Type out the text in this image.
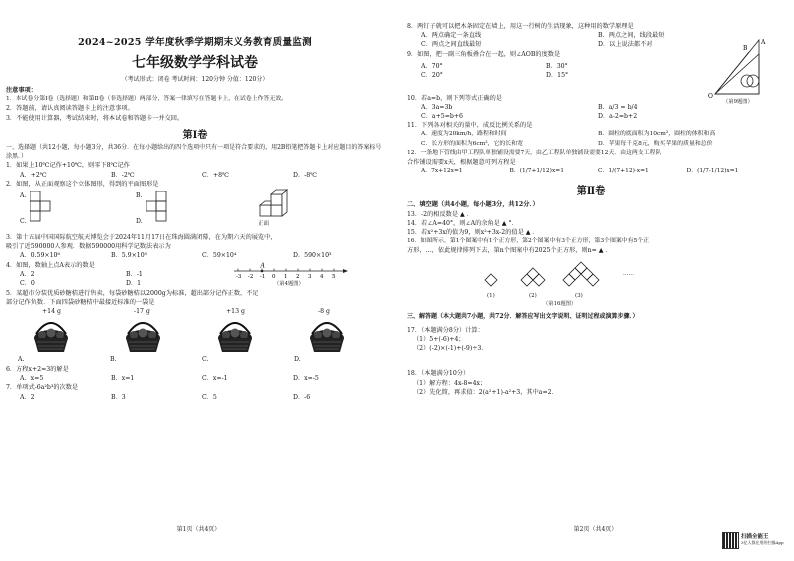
2024~2025 学年度秋季学期期末义务教育质量监测
七年级数学学科试卷
（考试形式：闭卷 考试时间：120分钟 分值：120分）
注意事项：
1．本试卷分第Ⅰ卷（选择题）和第Ⅱ卷（非选择题）两部分，答案一律填写在答题卡上，在试卷上作答无效。
2．答题前，请认真阅读答题卡上的注意事项。
3．不能使用计算器，考试结束时，将本试卷和答题卡一并交回。
第Ⅰ卷
一、选择题（共12小题，每小题3分，共36分．在每小题给出的四个选项中只有一项是符合要求的，用2B铅笔把答题卡上对应题目的答案标号涂黑．）
1．如果上10℃记作+10℃，则零下8℃记作
A．+2℃	B．-2℃	C．+8℃	D．-8℃
2．如图，从正面观察这个立体图形，得到的平面图形是
A.
C.
B.
D.	正面
3．第十五届中国国际航空航天博览会于2024年11月17日在珠海圆满闭幕，在为期六天的展览中，
吸引了近590000人参观．数据590000用科学记数法表示为
A．0.59×10⁶	B．5.9×10⁵	C．59×10⁴	D．590×10³
4．如图，数轴上点A表示的数是
A．2	B．-1
C．0	D．1
-3 -2 -1 0 1 2 3 4 5
A
（第4题图）
5．某超市分装优质砂糖桔进行售卖，每袋砂糖桔以2000g为标准，超出部分记作正数，不足
部分记作负数．下面四袋砂糖桔中最接近标准的一袋是
+14 g
A.
-17 g
B.
+13 g
C.
-8 g
D.
6．方程x+2=3的解是
A．x=5	B．x=1	C．x=-1	D．x=-5
7．单项式-6a²b³的次数是
A．2	B．3	C．5	D．-6
第1页（共4页）
8．两钉子就可以把木条固定在墙上，用这一行树的生活现象，这种用的数学原理是
A．两点确定一条直线	B．两点之间，线段最短
C．两点之间直线最短	D．以上说法都不对
9．如图，把一副三角板叠合在一起，则∠AOB的度数是
A．70°	B．30°
C．20°	D．15°
A
B
O
（第9题图）
10．若a=b，则下列等式正确的是
A．3a=3b	B．a/3 = b/4
C．a+5=b+6	D．a-2=b+2
11．下列各对相关的量中，成反比例关系的是
A．速度为20km/h，路程和时间	B．圆柱的底面积为10cm²，圆柱的体积和高
C．长方形的面积为6cm²，它的长和宽	D．苹果每千克8元，购买苹果的质量和总价
12．一条地下管线由甲工程队单独铺设需要7天，由乙工程队单独铺设需要12天．由这两支工程队
合作铺设需要x天，根据题意可列方程是
A．7x+12x=1	B．(1/7+1/12)x=1	C．1/(7+12)·x=1	D．(1/7-1/12)x=1
第Ⅱ卷
二、填空题（共4小题，每小题3分，共12分．）
13．-2的相反数是 ▲ ．
14．若∠A=40°，则∠A的余角是 ▲ °．
15．若x²+3x的值为9，则x²+3x-2的值是 ▲ ．
16．如图所示，第1个图案中有1个正方形，第2个图案中有3个正方形，第3个图案中有5个正
方形，…，依此规律排列下去，第n个图案中有2025个正方形，则n= ▲ ．
(1)	(2)	(3)
……
（第16题图）
三、解答题（本大题共7小题，共72分．解答应写出文字说明、证明过程或演算步骤．）
17．（本题满分8分）计算：
（1）5+(-6)+4；
（2）(-2)×(-1)+(-9)÷3．
18．（本题满分10分）
（1）解方程：4x-8=4x；
（2）先化简，再求值：2(a²+1)-a²+3，其中a=2．
第2页（共4页）
扫描全能王
3亿人都在用的扫描App
